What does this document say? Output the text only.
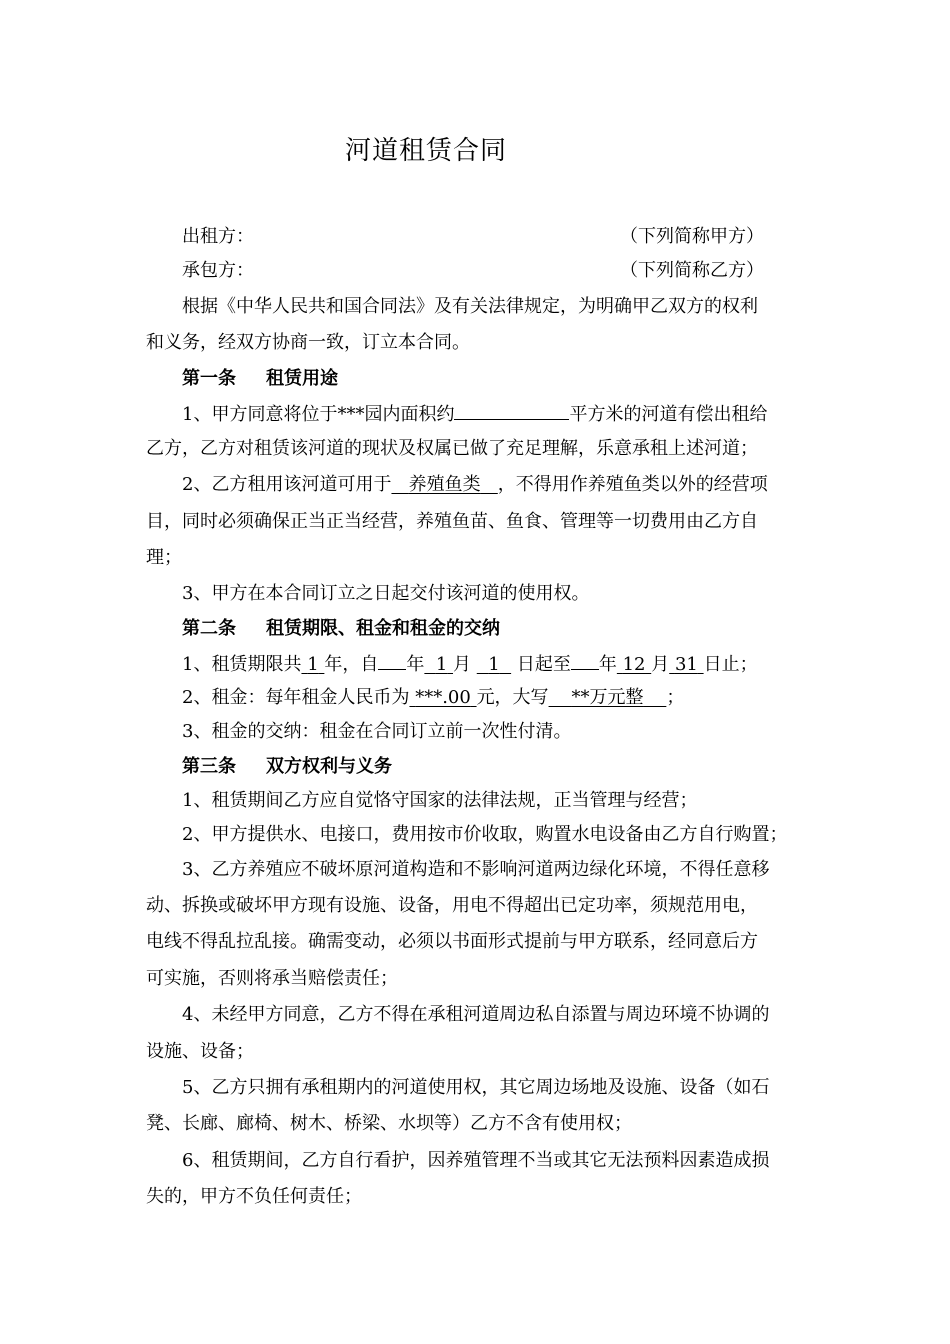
河道租赁合同
出租方：	（下列简称甲方）
承包方：	（下列简称乙方）
根据《中华人民共和国合同法》及有关法律规定，为明确甲乙双方的权利
和义务，经双方协商一致，订立本合同。
第一条 租赁用途
1、甲方同意将位于***园内面积约	平方米的河道有偿出租给
乙方，乙方对租赁该河道的现状及权属已做了充足理解，乐意承租上述河道；
2、乙方租用该河道可用于 养殖鱼类 ，不得用作养殖鱼类以外的经营项
目，同时必须确保正当正当经营，养殖鱼苗、鱼食、管理等一切费用由乙方自
理；
3、甲方在本合同订立之日起交付该河道的使用权。
第二条 租赁期限、租金和租金的交纳
1、租赁期限共 1 年，自 年 1 月 1 日起至 年 12 月 31 日止；
2、租金：每年租金人民币为 ***.00 元，大写 **万元整 ；
3、租金的交纳：租金在合同订立前一次性付清。
第三条 双方权利与义务
1、租赁期间乙方应自觉恪守国家的法律法规，正当管理与经营；
2、甲方提供水、电接口，费用按市价收取，购置水电设备由乙方自行购置；
3、乙方养殖应不破坏原河道构造和不影响河道两边绿化环境，不得任意移
动、拆换或破坏甲方现有设施、设备，用电不得超出已定功率，须规范用电，
电线不得乱拉乱接。确需变动，必须以书面形式提前与甲方联系，经同意后方
可实施，否则将承当赔偿责任；
4、未经甲方同意，乙方不得在承租河道周边私自添置与周边环境不协调的
设施、设备；
5、乙方只拥有承租期内的河道使用权，其它周边场地及设施、设备（如石
凳、长廊、廊椅、树木、桥梁、水坝等）乙方不含有使用权；
6、租赁期间，乙方自行看护，因养殖管理不当或其它无法预料因素造成损
失的，甲方不负任何责任；
